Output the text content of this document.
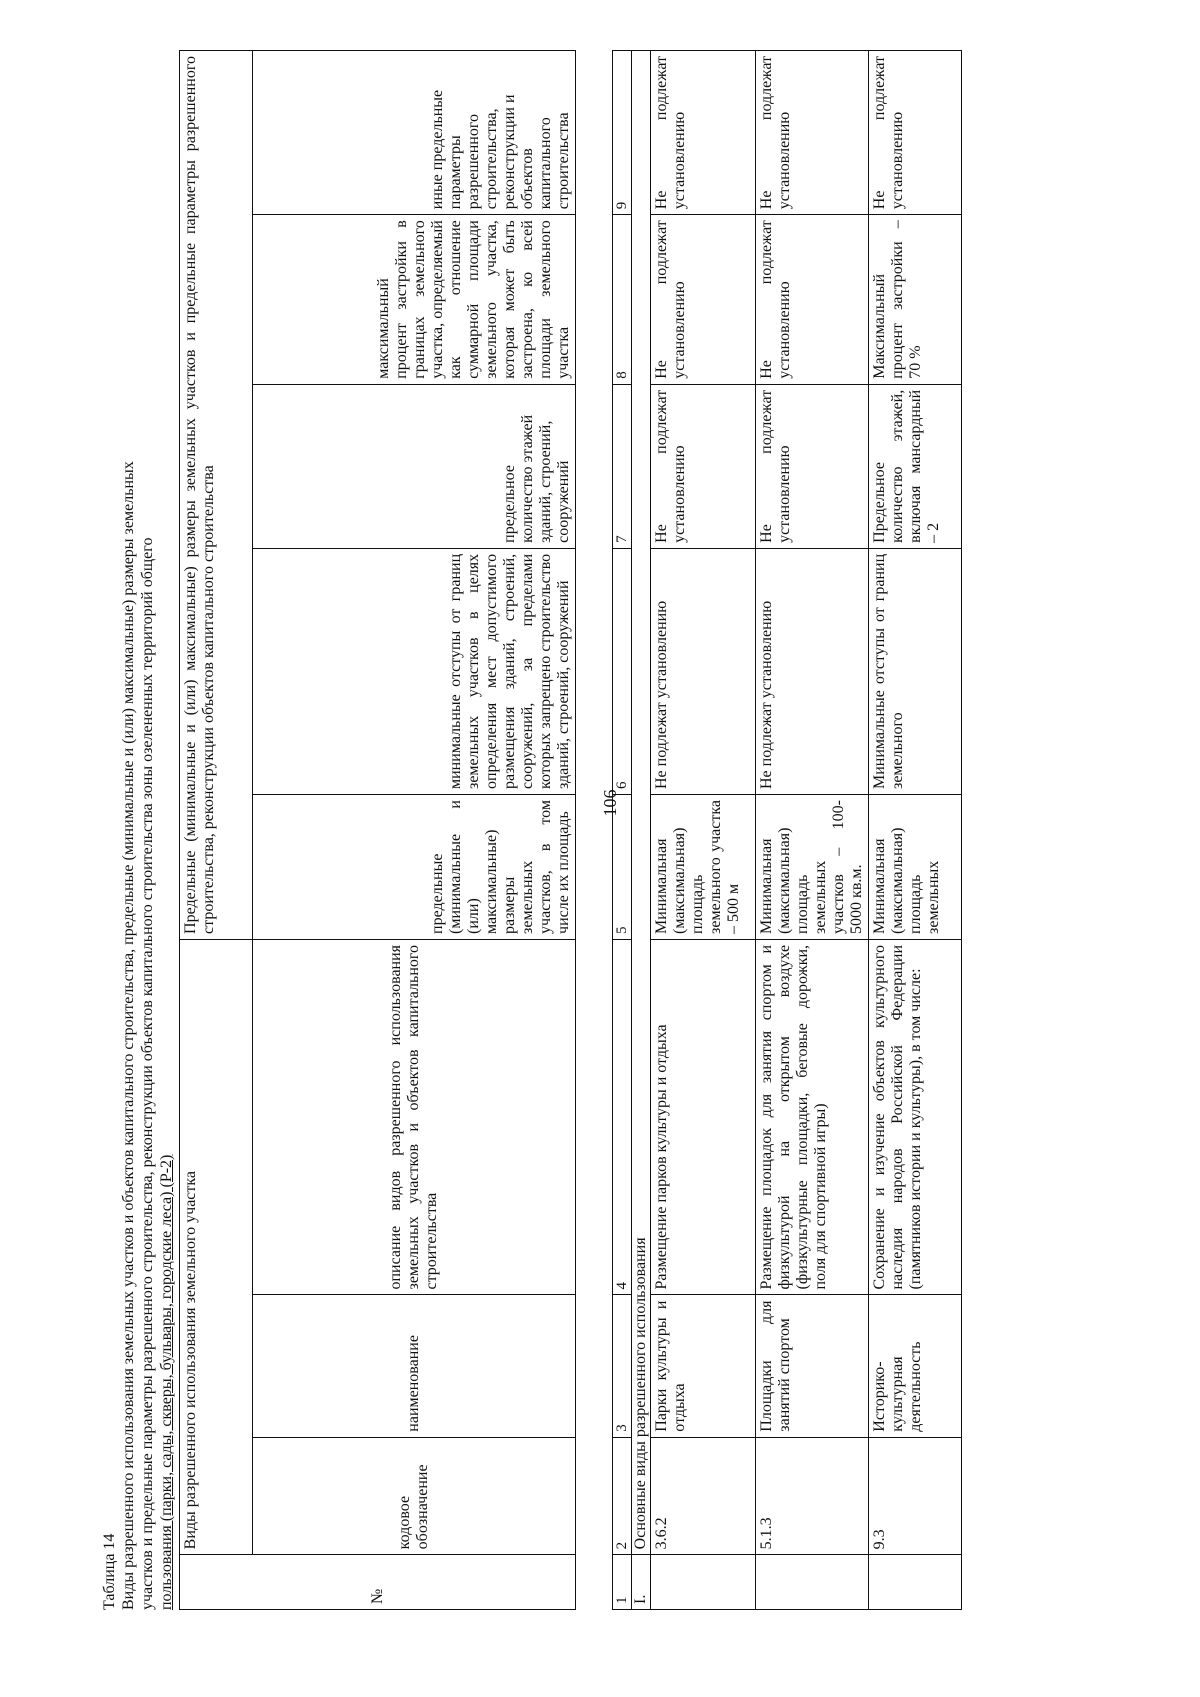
106
Таблица 14 Виды разрешенного использования земельных участков и объектов капитального строительства, предельные (минимальные и (или) максимальные) размеры земельных участков и предельные параметры разрешенного строительства, реконструкции объектов капитального строительства зоны озелененных территорий общего пользования (парки, сады, скверы, бульвары, городские леса) (Р-2)	№	Виды разрешенного использования земельного участка			Предельные (минимальные и (или) максимальные) размеры земельных участков и предельные параметры разрешенного строительства, реконструкции объектов капитального строительства				
	кодовое обозначение	наименование	описание видов разрешенного использования земельных участков и объектов капитального строительства	предельные (минимальные и (или) максимальные) размеры земельных участков, в том числе их площадь	минимальные отступы от границ земельных участков в целях определения мест допустимого размещения зданий, строений, сооружений, за пределами которых запрещено строительство зданий, строений, сооружений	предельное количество этажей зданий, строений, сооружений	максимальный процент застройки в границах земельного участка, определяемый как отношение суммарной площади земельного участка, которая может быть застроена, ко всей площади земельного участка	иные предельные параметры разрешенного строительства, реконструкции и объектов капитального строительства

1	2	3	4	5	6	7	8	9
I.	Основные виды разрешенного использования							
	3.6.2	Парки культуры и отдыха	Размещение парков культуры и отдыха	Минимальная (максимальная) площадь земельного участка – 500 м	Не подлежат установлению	Не подлежат установлению	Не подлежат установлению	Не подлежат установлению
	5.1.3	Площадки для занятий спортом	Размещение площадок для занятия спортом и физкультурой на открытом воздухе (физкультурные площадки, беговые дорожки, поля для спортивной игры)	Минимальная (максимальная) площадь земельных участков – 100-5000 кв.м.	Не подлежат установлению	Не подлежат установлению	Не подлежат установлению	Не подлежат установлению
	9.3	Историко-культурная деятельность	Сохранение и изучение объектов культурного наследия народов Российской Федерации (памятников истории и культуры), в том числе:	Минимальная (максимальная) площадь земельных	Минимальные отступы от границ земельного	Предельное количество этажей, включая мансардный – 2	Максимальный процент застройки – 70 %	Не подлежат установлению
